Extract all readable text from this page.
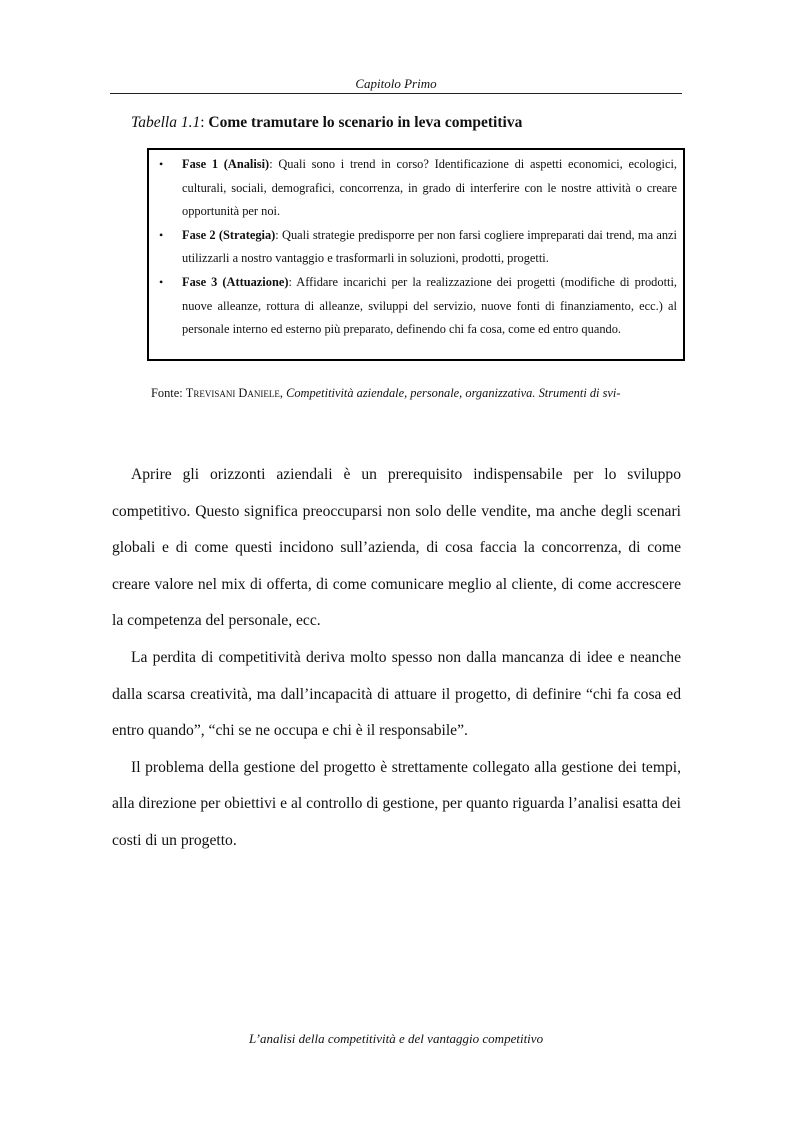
Capitolo Primo
Tabella 1.1: Come tramutare lo scenario in leva competitiva
• Fase 1 (Analisi): Quali sono i trend in corso? Identificazione di aspetti economici, ecologici, culturali, sociali, demografici, concorrenza, in grado di interferire con le nostre attività o creare opportunità per noi.
• Fase 2 (Strategia): Quali strategie predisporre per non farsi cogliere impreparati dai trend, ma anzi utilizzarli a nostro vantaggio e trasformarli in soluzioni, prodotti, progetti.
• Fase 3 (Attuazione): Affidare incarichi per la realizzazione dei progetti (modifiche di prodotti, nuove alleanze, rottura di alleanze, sviluppi del servizio, nuove fonti di finanziamento, ecc.) al personale interno ed esterno più preparato, definendo chi fa cosa, come ed entro quando.
Fonte: Trevisani Daniele, Competitività aziendale, personale, organizzativa. Strumenti di svi-

Aprire gli orizzonti aziendali è un prerequisito indispensabile per lo sviluppo competitivo. Questo significa preoccuparsi non solo delle vendite, ma anche degli scenari globali e di come questi incidono sull’azienda, di cosa faccia la concorrenza, di come creare valore nel mix di offerta, di come comunicare meglio al cliente, di come accrescere la competenza del personale, ecc.

La perdita di competitività deriva molto spesso non dalla mancanza di idee e neanche dalla scarsa creatività, ma dall’incapacità di attuare il progetto, di definire “chi fa cosa ed entro quando”, “chi se ne occupa e chi è il responsabile”.

Il problema della gestione del progetto è strettamente collegato alla gestione dei tempi, alla direzione per obiettivi e al controllo di gestione, per quanto riguarda l’analisi esatta dei costi di un progetto.

L’analisi della competitività e del vantaggio competitivo
